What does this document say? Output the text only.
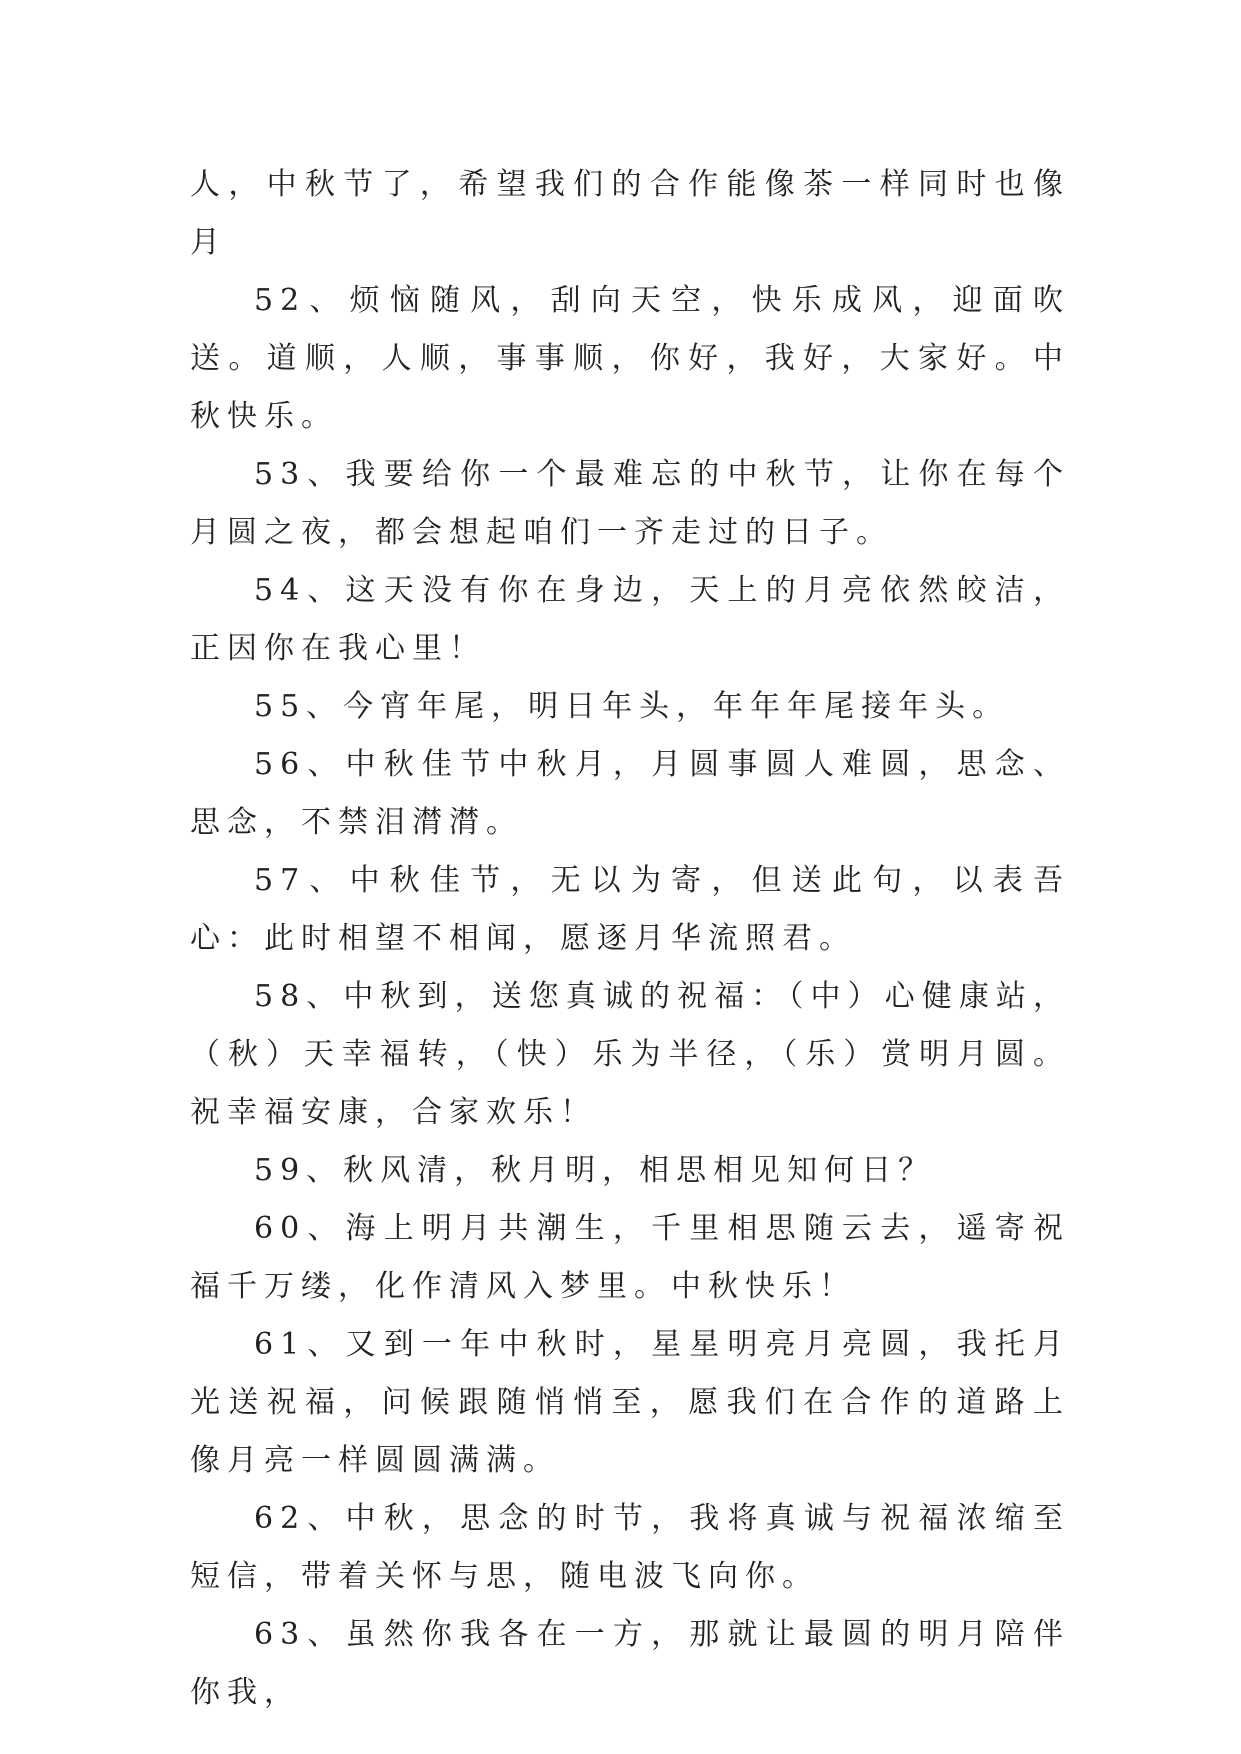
人，中秋节了，希望我们的合作能像茶一样同时也像月

52、烦恼随风，刮向天空，快乐成风，迎面吹送。道顺，人顺，事事顺，你好，我好，大家好。中秋快乐。

53、我要给你一个最难忘的中秋节，让你在每个月圆之夜，都会想起咱们一齐走过的日子。

54、这天没有你在身边，天上的月亮依然皎洁，正因你在我心里！

55、今宵年尾，明日年头，年年年尾接年头。

56、中秋佳节中秋月，月圆事圆人难圆，思念、思念，不禁泪潸潸。

57、中秋佳节，无以为寄，但送此句，以表吾心：此时相望不相闻，愿逐月华流照君。

58、中秋到，送您真诚的祝福：（中）心健康站，（秋）天幸福转，（快）乐为半径，（乐）赏明月圆。祝幸福安康，合家欢乐！

59、秋风清，秋月明，相思相见知何日？

60、海上明月共潮生，千里相思随云去，遥寄祝福千万缕，化作清风入梦里。中秋快乐！

61、又到一年中秋时，星星明亮月亮圆，我托月光送祝福，问候跟随悄悄至，愿我们在合作的道路上像月亮一样圆圆满满。

62、中秋，思念的时节，我将真诚与祝福浓缩至短信，带着关怀与思，随电波飞向你。

63、虽然你我各在一方，那就让最圆的明月陪伴你我，
